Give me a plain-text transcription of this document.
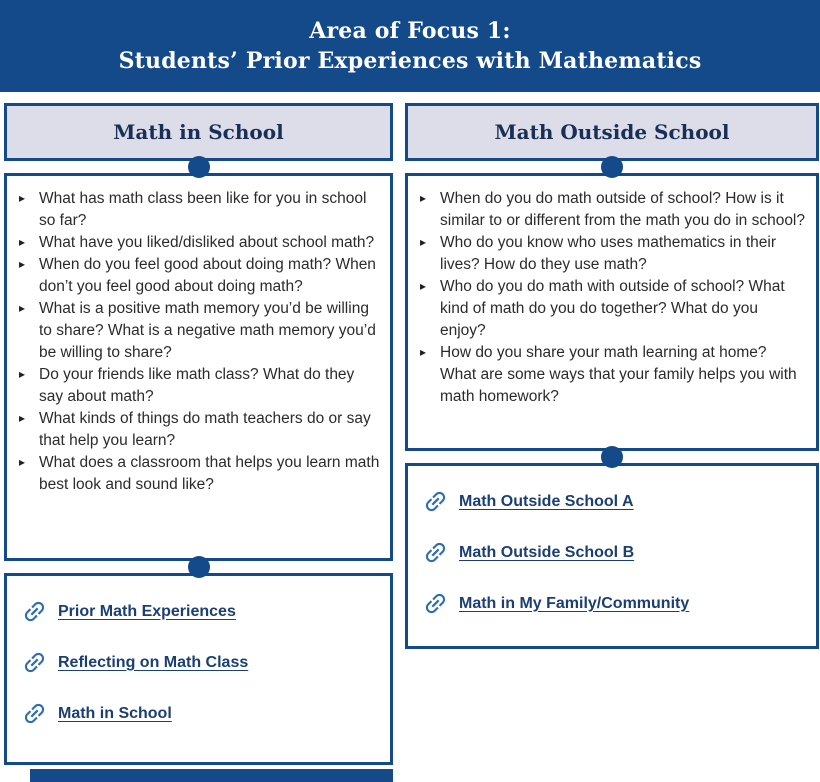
Area of Focus 1:
Students’ Prior Experiences with Mathematics
Math in School
▸ What has math class been like for you in school so far?
▸ What have you liked/disliked about school math?
▸ When do you feel good about doing math? When don’t you feel good about doing math?
▸ What is a positive math memory you’d be willing to share? What is a negative math memory you’d be willing to share?
▸ Do your friends like math class? What do they say about math?
▸ What kinds of things do math teachers do or say that help you learn?
▸ What does a classroom that helps you learn math best look and sound like?
Prior Math Experiences
Reflecting on Math Class
Math in School
Math Outside School
▸ When do you do math outside of school? How is it similar to or different from the math you do in school?
▸ Who do you know who uses mathematics in their lives? How do they use math?
▸ Who do you do math with outside of school? What kind of math do you do together? What do you enjoy?
▸ How do you share your math learning at home? What are some ways that your family helps you with math homework?
Math Outside School A
Math Outside School B
Math in My Family/Community
